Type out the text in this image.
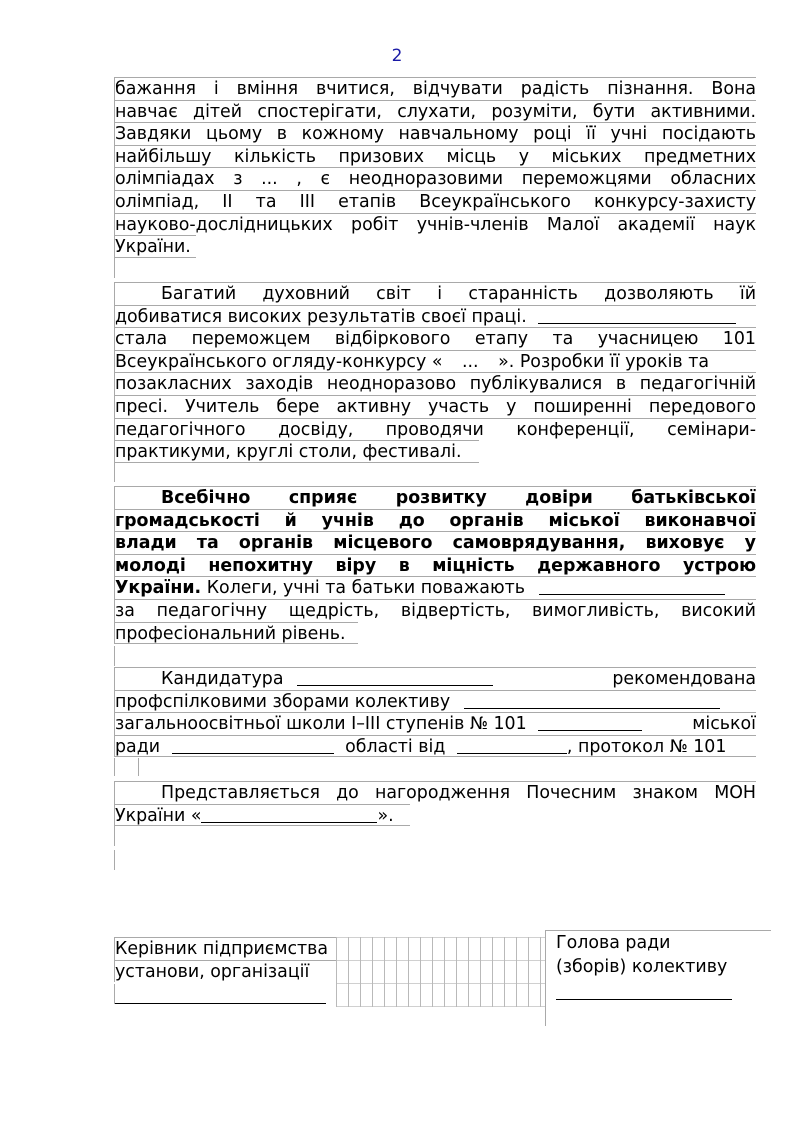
2
бажання і вміння вчитися, відчувати радість пізнання. Вона
навчає дітей спостерігати, слухати, розуміти, бути активними.
Завдяки цьому в кожному навчальному році її учні посідають
найбільшу кількість призових місць у міських предметних
олімпіадах з ... , є неодноразовими переможцями обласних
олімпіад, ІІ та ІІІ етапів Всеукраїнського конкурсу-захисту
науково-дослідницьких робіт учнів-членів Малої академії наук
України.
Багатий духовний світ і старанність дозволяють їй
добиватися високих результатів своєї праці.
стала переможцем відбіркового етапу та учасницею 101
Всеукраїнського огляду-конкурсу « ... ». Розробки її уроків та
позакласних заходів неодноразово публікувалися в педагогічній
пресі. Учитель бере активну участь у поширенні передового
педагогічного досвіду, проводячи конференції, семінари-
практикуми, круглі столи, фестивалі.
Всебічно сприяє розвитку довіри батьківської
громадськості й учнів до органів міської виконавчої
влади та органів місцевого самоврядування, виховує у
молоді непохитну віру в міцність державного устрою
України. Колеги, учні та батьки поважають
за педагогічну щедрість, відвертість, вимогливість, високий
професіональний рівень.
Кандидатура	рекомендована
профспілковими зборами колективу
загальноосвітньої школи І–ІІІ ступенів № 101	міської
ради	області від	, протокол № 101
Представляється до нагородження Почесним знаком МОН
України «	».
Керівник підприємства
установи, організації
Голова ради
(зборів) колективу
